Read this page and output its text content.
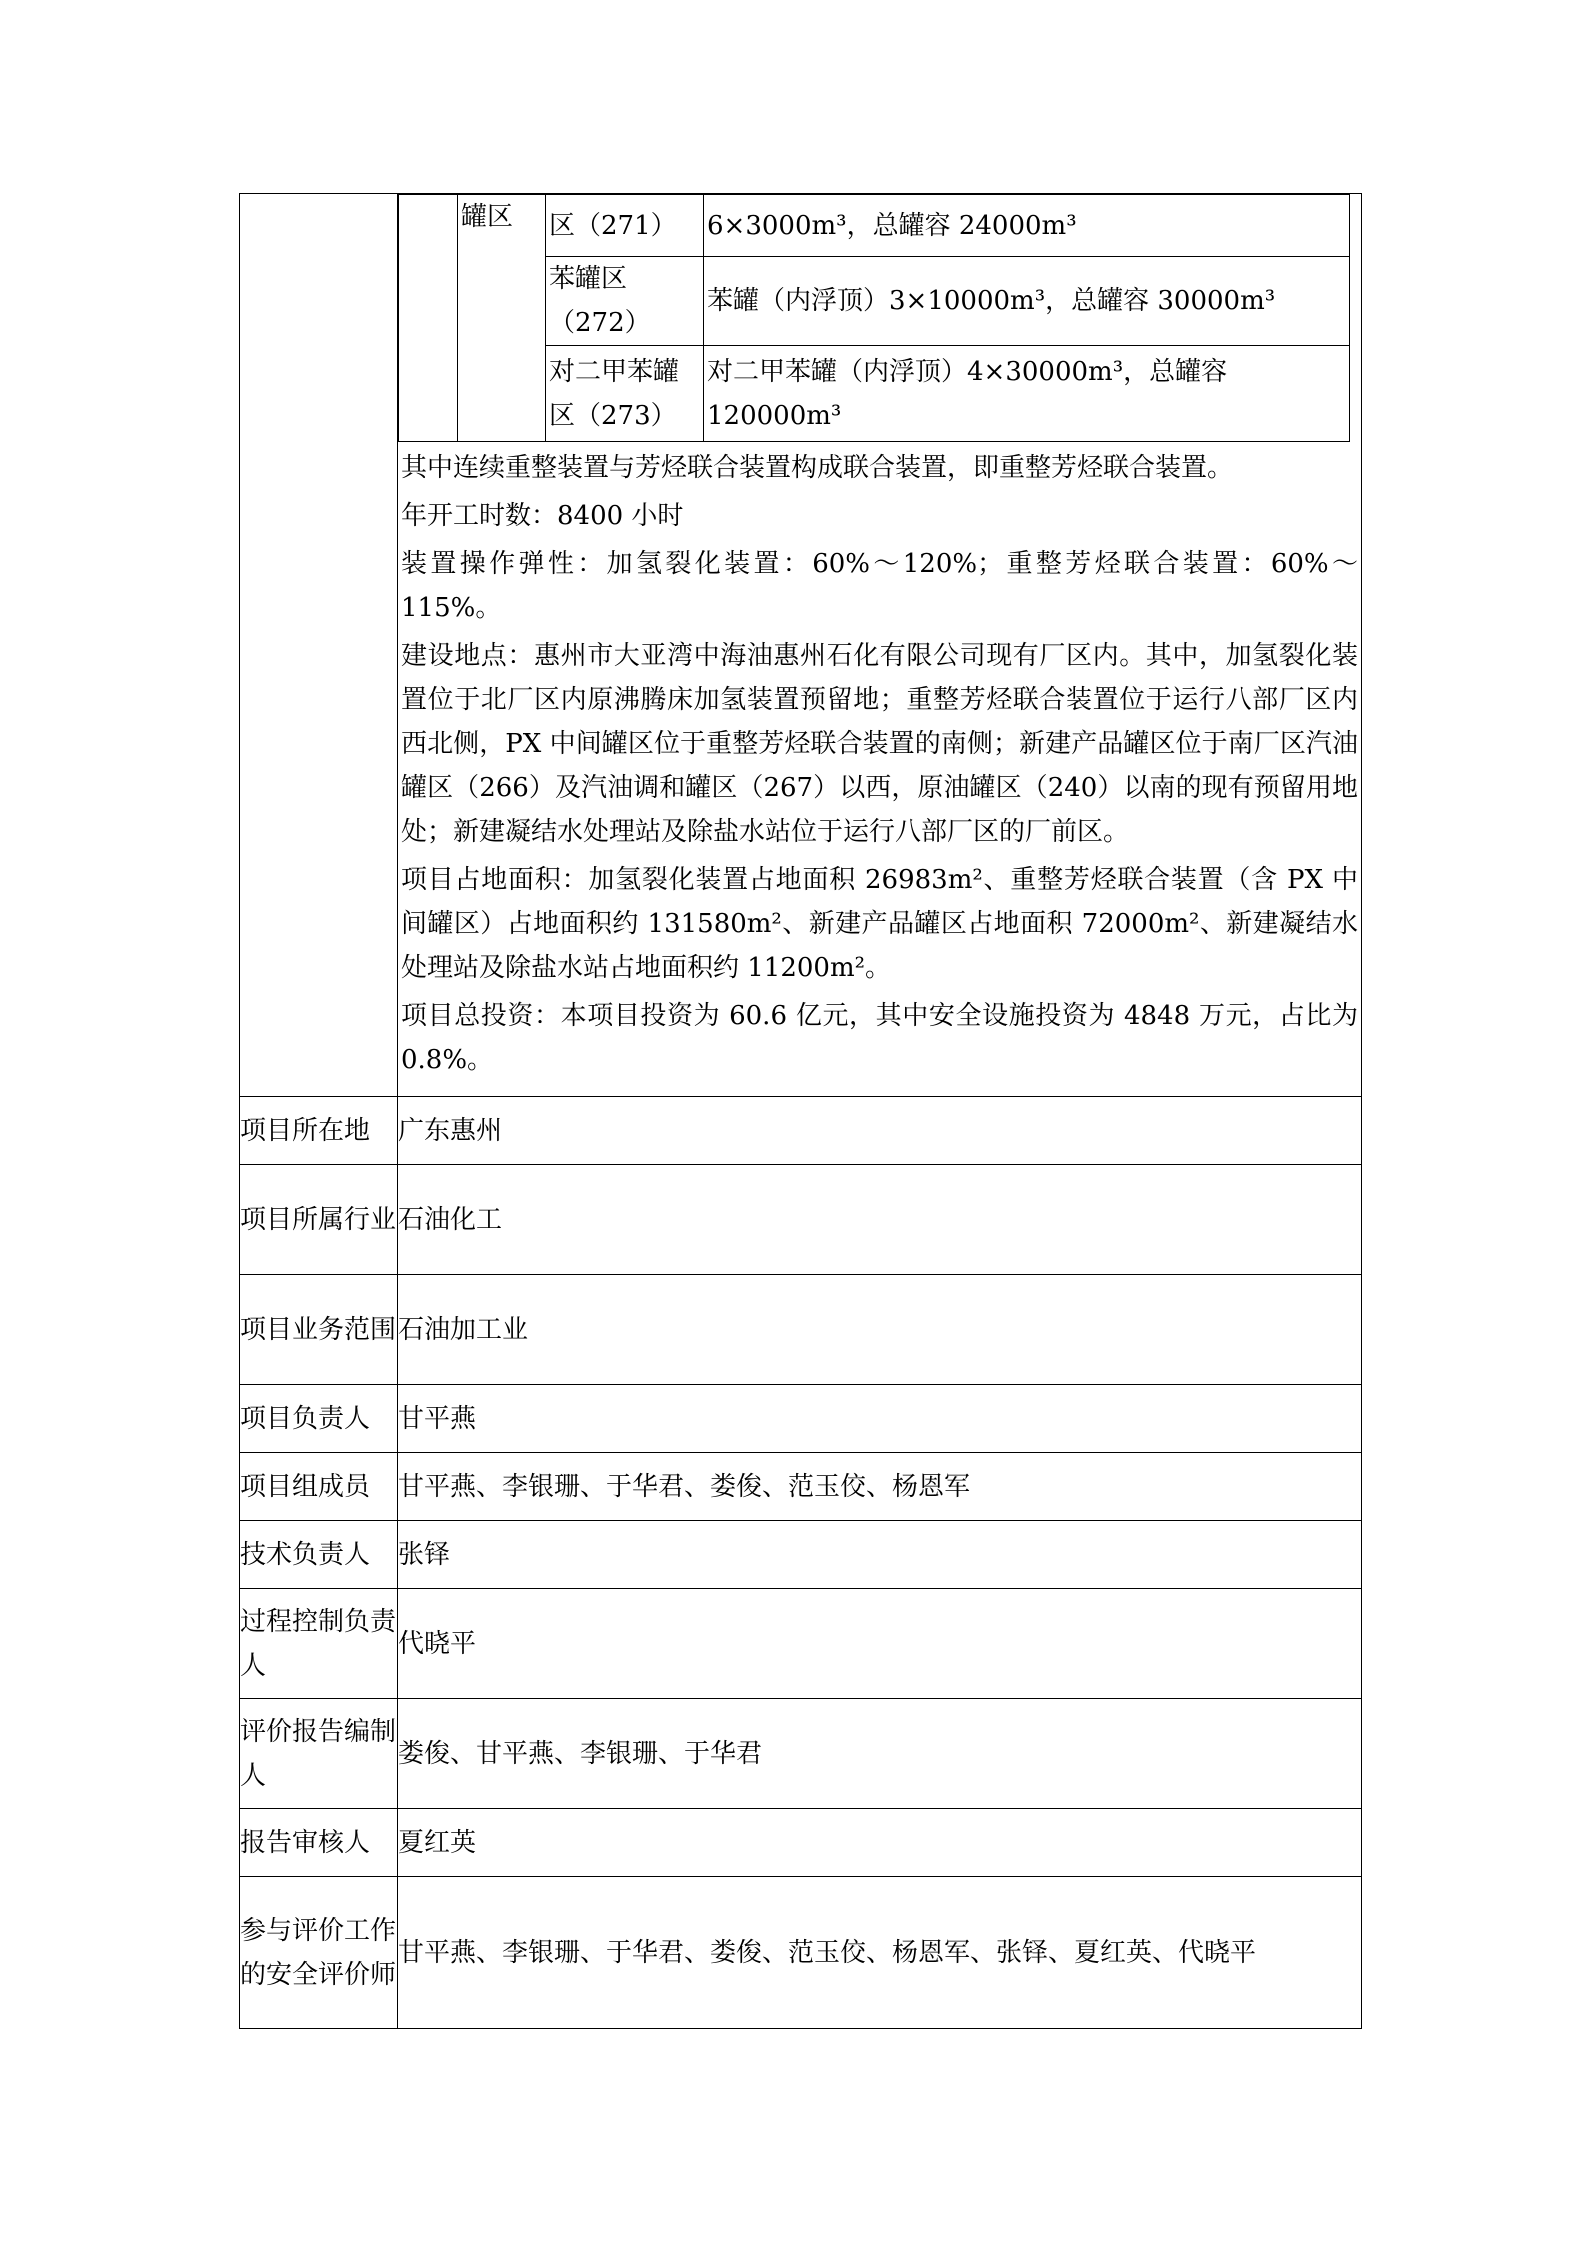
	罐区	区（271）	6×3000m³，总罐容 24000m³
苯罐区（272）	苯罐（内浮顶）3×10000m³，总罐容 30000m³
对二甲苯罐区（273）	对二甲苯罐（内浮顶）4×30000m³，总罐容 120000m³

其中连续重整装置与芳烃联合装置构成联合装置，即重整芳烃联合装置。

年开工时数：8400 小时

装置操作弹性：加氢裂化装置：60%～120%；重整芳烃联合装置：60%～115%。

建设地点：惠州市大亚湾中海油惠州石化有限公司现有厂区内。其中，加氢裂化装置位于北厂区内原沸腾床加氢装置预留地；重整芳烃联合装置位于运行八部厂区内西北侧，PX 中间罐区位于重整芳烃联合装置的南侧；新建产品罐区位于南厂区汽油罐区（266）及汽油调和罐区（267）以西，原油罐区（240）以南的现有预留用地处；新建凝结水处理站及除盐水站位于运行八部厂区的厂前区。

项目占地面积：加氢裂化装置占地面积 26983m²、重整芳烃联合装置（含 PX 中间罐区）占地面积约 131580m²、新建产品罐区占地面积 72000m²、新建凝结水处理站及除盐水站占地面积约 11200m²。

项目总投资：本项目投资为 60.6 亿元，其中安全设施投资为 4848 万元，占比为 0.8%。

项目所在地	广东惠州
项目所属行业	石油化工
项目业务范围	石油加工业
项目负责人	甘平燕
项目组成员	甘平燕、李银珊、于华君、娄俊、范玉佼、杨恩军
技术负责人	张铎
过程控制负责人	代晓平
评价报告编制人	娄俊、甘平燕、李银珊、于华君
报告审核人	夏红英
参与评价工作的安全评价师	甘平燕、李银珊、于华君、娄俊、范玉佼、杨恩军、张铎、夏红英、代晓平
